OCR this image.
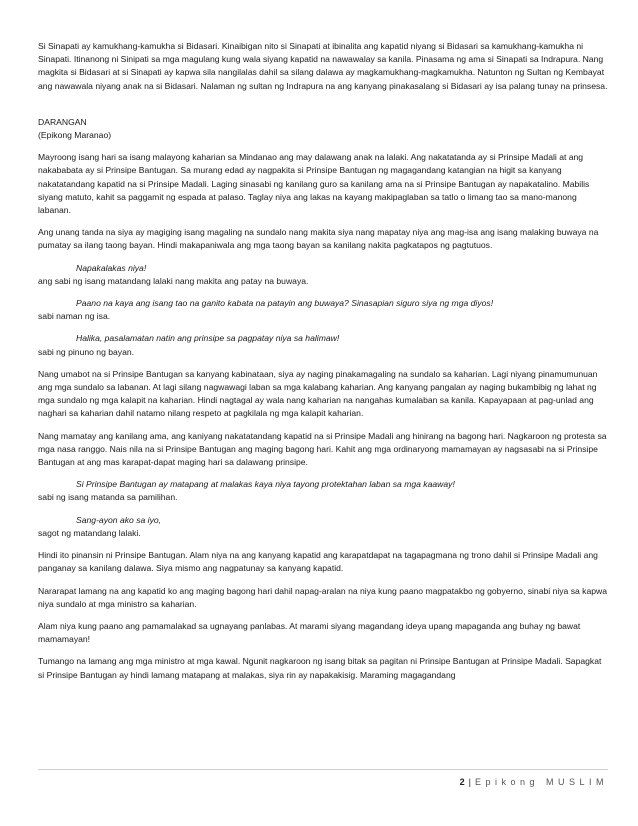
Si Sinapati ay kamukhang-kamukha si Bidasari. Kinaibigan nito si Sinapati at ibinalita ang kapatid niyang si Bidasari sa kamukhang-kamukha ni Sinapati. Itinanong ni Sinipati sa mga magulang kung wala siyang kapatid na nawawalay sa kanila. Pinasama ng ama si Sinapati sa Indrapura. Nang magkita si Bidasari at si Sinapati ay kapwa sila nangilalas dahil sa silang dalawa ay magkamukhang-magkamukha. Natunton ng Sultan ng Kembayat ang nawawala niyang anak na si Bidasari. Nalaman ng sultan ng Indrapura na ang kanyang pinakasalang si Bidasari ay isa palang tunay na prinsesa.

DARANGAN
(Epikong Maranao)

Mayroong isang hari sa isang malayong kaharian sa Mindanao ang may dalawang anak na lalaki. Ang nakatatanda ay si Prinsipe Madali at ang nakababata ay si Prinsipe Bantugan. Sa murang edad ay nagpakita si Prinsipe Bantugan ng magagandang katangian na higit sa kanyang nakatatandang kapatid na si Prinsipe Madali. Laging sinasabi ng kanilang guro sa kanilang ama na si Prinsipe Bantugan ay napakatalino. Mabilis siyang matuto, kahit sa paggamit ng espada at palaso. Taglay niya ang lakas na kayang makipaglaban sa tatlo o limang tao sa mano-manong labanan.

Ang unang tanda na siya ay magiging isang magaling na sundalo nang makita siya nang mapatay niya ang mag-isa ang isang malaking buwaya na pumatay sa ilang taong bayan. Hindi makapaniwala ang mga taong bayan sa kanilang nakita pagkatapos ng pagtutuos.

Napakalakas niya!
ang sabi ng isang matandang lalaki nang makita ang patay na buwaya.
Paano na kaya ang isang tao na ganito kabata na patayin ang buwaya? Sinasapian siguro siya ng mga diyos!
sabi naman ng isa.
Halika, pasalamatan natin ang prinsipe sa pagpatay niya sa halimaw!
sabi ng pinuno ng bayan.

Nang umabot na si Prinsipe Bantugan sa kanyang kabinataan, siya ay naging pinakamagaling na sundalo sa kaharian. Lagi niyang pinamumunuan ang mga sundalo sa labanan. At lagi silang nagwawagi laban sa mga kalabang kaharian. Ang kanyang pangalan ay naging bukambibig ng lahat ng mga sundalo ng mga kalapit na kaharian. Hindi nagtagal ay wala nang kaharian na nangahas kumalaban sa kanila. Kapayapaan at pag-unlad ang naghari sa kaharian dahil natamo nilang respeto at pagkilala ng mga kalapit kaharian.

Nang mamatay ang kanilang ama, ang kaniyang nakatatandang kapatid na si Prinsipe Madali ang hinirang na bagong hari. Nagkaroon ng protesta sa mga nasa ranggo. Nais nila na si Prinsipe Bantugan ang maging bagong hari. Kahit ang mga ordinaryong mamamayan ay nagsasabi na si Prinsipe Bantugan at ang mas karapat-dapat maging hari sa dalawang prinsipe.

Si Prinsipe Bantugan ay matapang at malakas kaya niya tayong protektahan laban sa mga kaaway!
sabi ng isang matanda sa pamilihan.
Sang-ayon ako sa iyo,
sagot ng matandang lalaki.

Hindi ito pinansin ni Prinsipe Bantugan. Alam niya na ang kanyang kapatid ang karapatdapat na tagapagmana ng trono dahil si Prinsipe Madali ang panganay sa kanilang dalawa. Siya mismo ang nagpatunay sa kanyang kapatid.

Nararapat lamang na ang kapatid ko ang maging bagong hari dahil napag-aralan na niya kung paano magpatakbo ng gobyerno, sinabi niya sa kapwa niya sundalo at mga ministro sa kaharian.

Alam niya kung paano ang pamamalakad sa ugnayang panlabas. At marami siyang magandang ideya upang mapaganda ang buhay ng bawat mamamayan!

Tumango na lamang ang mga ministro at mga kawal. Ngunit nagkaroon ng isang bitak sa pagitan ni Prinsipe Bantugan at Prinsipe Madali. Sapagkat si Prinsipe Bantugan ay hindi lamang matapang at malakas, siya rin ay napakakisig. Maraming magagandang

2 | Epikong MUSLIM
